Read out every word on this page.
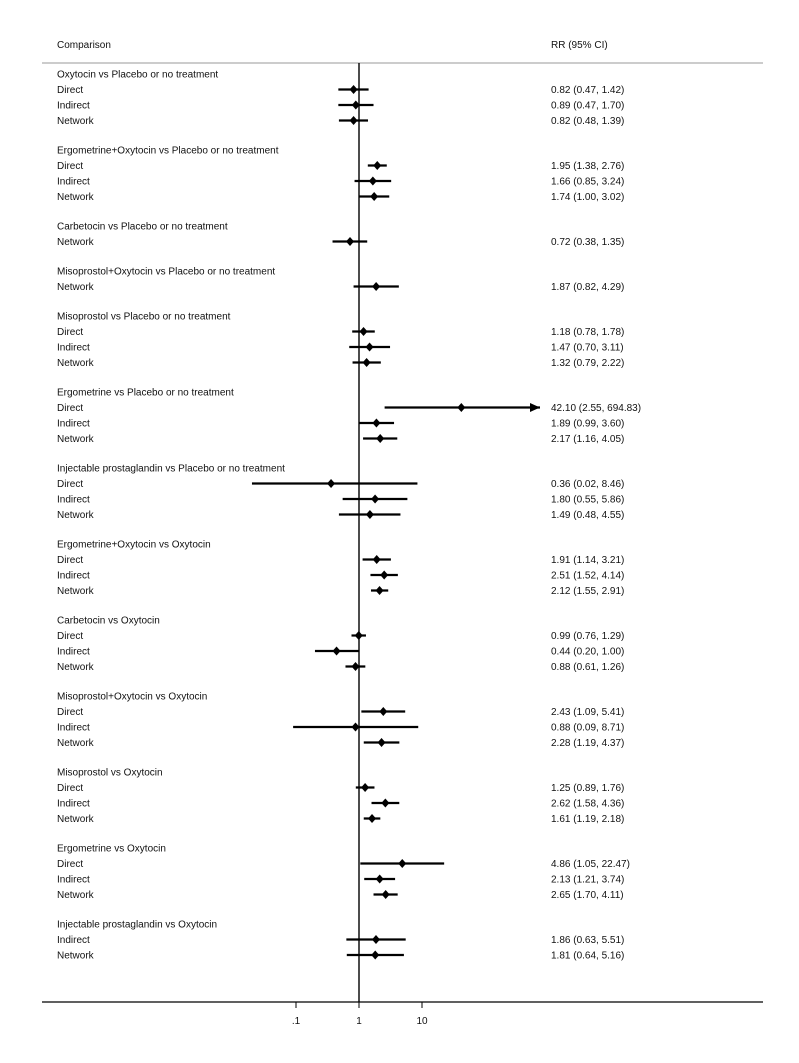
Comparison	RR (95% CI)
Oxytocin vs Placebo or no treatment
Direct	0.82 (0.47, 1.42)
Indirect	0.89 (0.47, 1.70)
Network	0.82 (0.48, 1.39)
Ergometrine+Oxytocin vs Placebo or no treatment
Direct	1.95 (1.38, 2.76)
Indirect	1.66 (0.85, 3.24)
Network	1.74 (1.00, 3.02)
Carbetocin vs Placebo or no treatment
Network	0.72 (0.38, 1.35)
Misoprostol+Oxytocin vs Placebo or no treatment
Network	1.87 (0.82, 4.29)
Misoprostol vs Placebo or no treatment
Direct	1.18 (0.78, 1.78)
Indirect	1.47 (0.70, 3.11)
Network	1.32 (0.79, 2.22)
Ergometrine vs Placebo or no treatment
Direct	42.10 (2.55, 694.83)
Indirect	1.89 (0.99, 3.60)
Network	2.17 (1.16, 4.05)
Injectable prostaglandin vs Placebo or no treatment
Direct	0.36 (0.02, 8.46)
Indirect	1.80 (0.55, 5.86)
Network	1.49 (0.48, 4.55)
Ergometrine+Oxytocin vs Oxytocin
Direct	1.91 (1.14, 3.21)
Indirect	2.51 (1.52, 4.14)
Network	2.12 (1.55, 2.91)
Carbetocin vs Oxytocin
Direct	0.99 (0.76, 1.29)
Indirect	0.44 (0.20, 1.00)
Network	0.88 (0.61, 1.26)
Misoprostol+Oxytocin vs Oxytocin
Direct	2.43 (1.09, 5.41)
Indirect	0.88 (0.09, 8.71)
Network	2.28 (1.19, 4.37)
Misoprostol vs Oxytocin
Direct	1.25 (0.89, 1.76)
Indirect	2.62 (1.58, 4.36)
Network	1.61 (1.19, 2.18)
Ergometrine vs Oxytocin
Direct	4.86 (1.05, 22.47)
Indirect	2.13 (1.21, 3.74)
Network	2.65 (1.70, 4.11)
Injectable prostaglandin vs Oxytocin
Indirect	1.86 (0.63, 5.51)
Network	1.81 (0.64, 5.16)
.1	1	10
